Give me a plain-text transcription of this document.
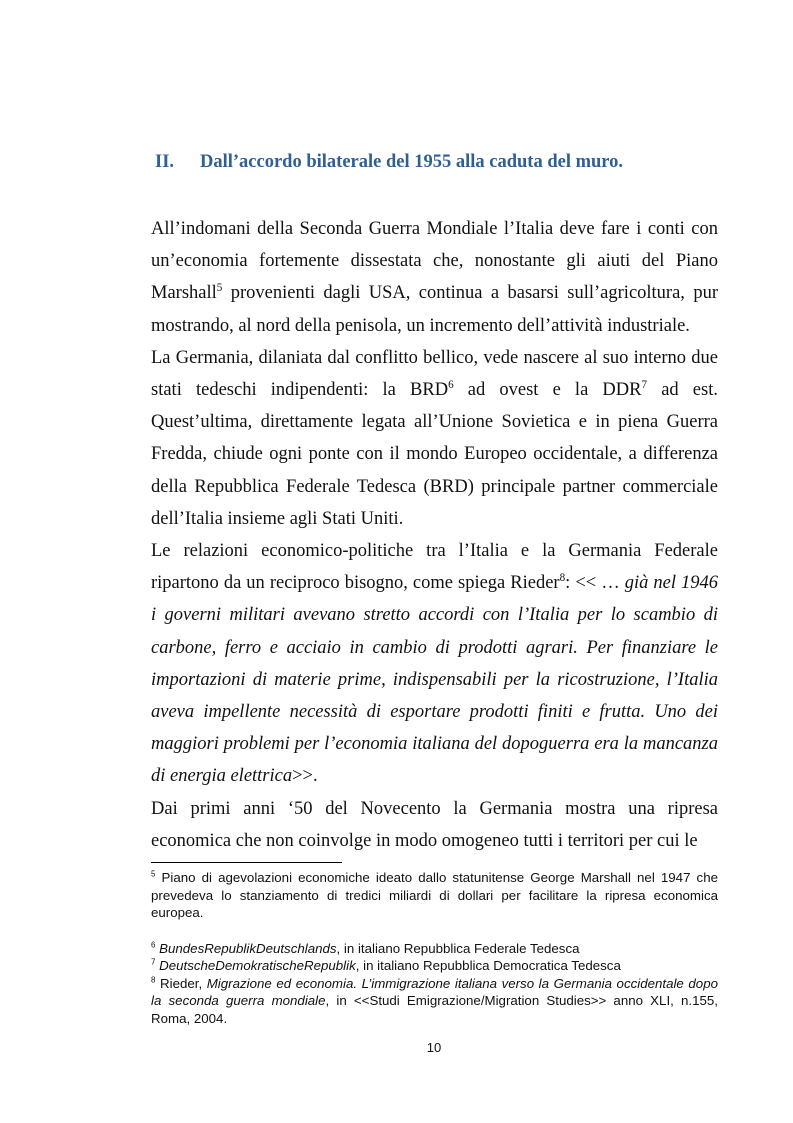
II. Dall’accordo bilaterale del 1955 alla caduta del muro.

All’indomani della Seconda Guerra Mondiale l’Italia deve fare i conti con un’economia fortemente dissestata che, nonostante gli aiuti del Piano Marshall$^5$ provenienti dagli USA, continua a basarsi sull’agricoltura, pur mostrando, al nord della penisola, un incremento dell’attività industriale.

La Germania, dilaniata dal conflitto bellico, vede nascere al suo interno due stati tedeschi indipendenti: la BRD$^6$ ad ovest e la DDR$^7$ ad est. Quest’ultima, direttamente legata all’Unione Sovietica e in piena Guerra Fredda, chiude ogni ponte con il mondo Europeo occidentale, a differenza della Repubblica Federale Tedesca (BRD) principale partner commerciale dell’Italia insieme agli Stati Uniti.

Le relazioni economico-politiche tra l’Italia e la Germania Federale ripartono da un reciproco bisogno, come spiega Rieder$^8$: << … già nel 1946 i governi militari avevano stretto accordi con l’Italia per lo scambio di carbone, ferro e acciaio in cambio di prodotti agrari. Per finanziare le importazioni di materie prime, indispensabili per la ricostruzione, l’Italia aveva impellente necessità di esportare prodotti finiti e frutta. Uno dei maggiori problemi per l’economia italiana del dopoguerra era la mancanza di energia elettrica>>.

Dai primi anni ‘50 del Novecento la Germania mostra una ripresa economica che non coinvolge in modo omogeneo tutti i territori per cui le

$^5$ Piano di agevolazioni economiche ideato dallo statunitense George Marshall nel 1947 che prevedeva lo stanziamento di tredici miliardi di dollari per facilitare la ripresa economica europea.

$^6$ BundesRepublikDeutschlands, in italiano Repubblica Federale Tedesca

$^7$ DeutscheDemokratischeRepublik, in italiano Repubblica Democratica Tedesca

$^8$ Rieder, Migrazione ed economia. L’immigrazione italiana verso la Germania occidentale dopo la seconda guerra mondiale, in <<Studi Emigrazione/Migration Studies>> anno XLI, n.155, Roma, 2004.

10
